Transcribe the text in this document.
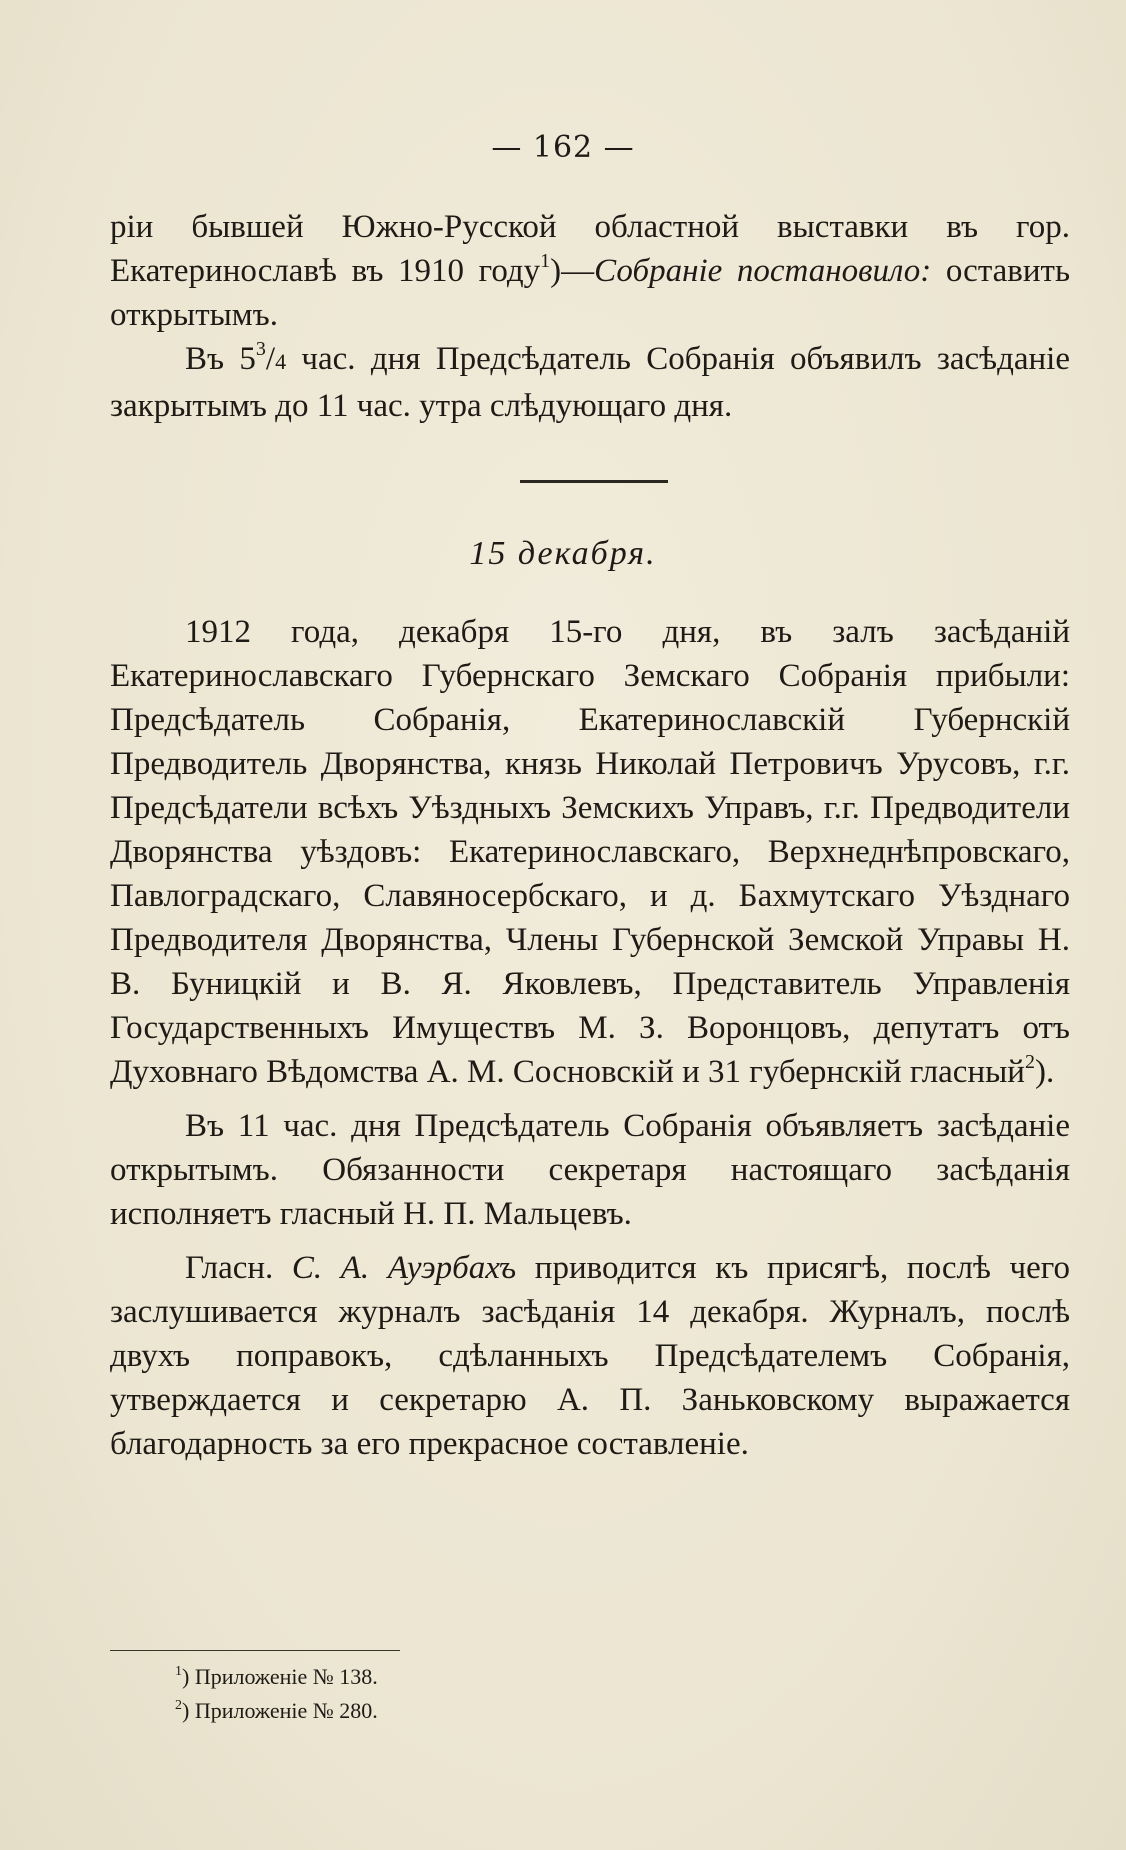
— 162 —

ріи бывшей Южно-Русской областной выставки въ гор. Екатеринославѣ въ 1910 году$^1$)—Собраніе постановило: оставить открытымъ.

Въ $5^3/4$ час. дня Предсѣдатель Собранія объявилъ засѣданіе закрытымъ до 11 час. утра слѣдующаго дня.

15 декабря.

1912 года, декабря 15-го дня, въ залъ засѣданій Екатеринославскаго Губернскаго Земскаго Собранія прибыли: Предсѣдатель Собранія, Екатеринославскій Губернскій Предводитель Дворянства, князь Николай Петровичъ Урусовъ, г.г. Предсѣдатели всѣхъ Уѣздныхъ Земскихъ Управъ, г.г. Предводители Дворянства уѣздовъ: Екатеринославскаго, Верхнеднѣпровскаго, Павлоградскаго, Славяносербскаго, и д. Бахмутскаго Уѣзднаго Предводителя Дворянства, Члены Губернской Земской Управы Н. В. Буницкій и В. Я. Яковлевъ, Представитель Управленія Государственныхъ Имуществъ М. З. Воронцовъ, депутатъ отъ Духовнаго Вѣдомства А. М. Сосновскій и 31 губернскій гласный$^2$).

Въ 11 час. дня Предсѣдатель Собранія объявляетъ засѣданіе открытымъ. Обязанности секретаря настоящаго засѣданія исполняетъ гласный Н. П. Мальцевъ.

Гласн. С. А. Ауэрбахъ приводится къ присягѣ, послѣ чего заслушивается журналъ засѣданія 14 декабря. Журналъ, послѣ двухъ поправокъ, сдѣланныхъ Предсѣдателемъ Собранія, утверждается и секретарю А. П. Заньковскому выражается благодарность за его прекрасное составленіе.

$^1$) Приложеніе № 138.
$^2$) Приложеніе № 280.
